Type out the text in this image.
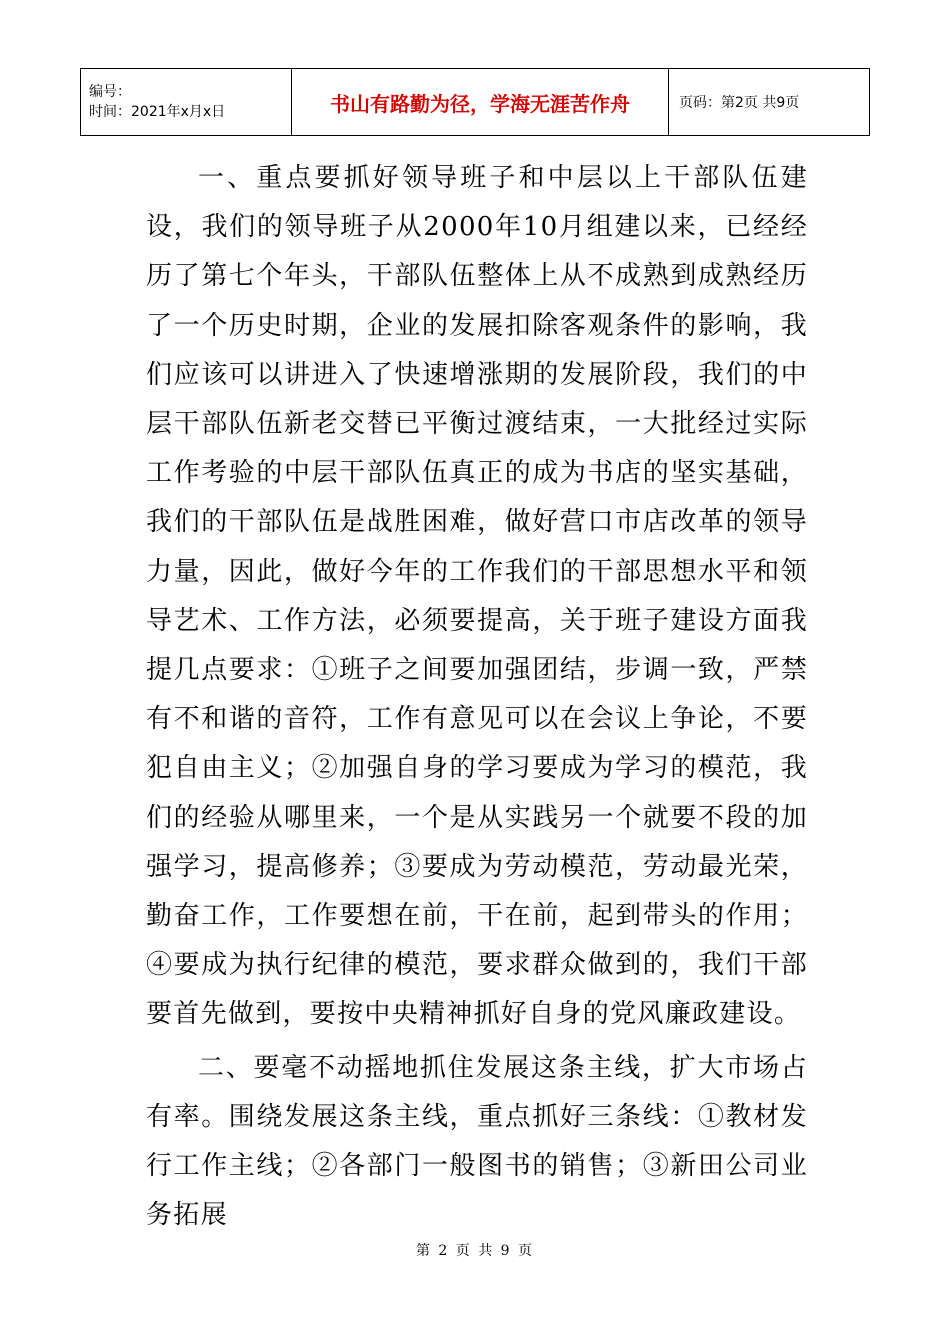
编号：
时间：2021年x月x日	书山有路勤为径，学海无涯苦作舟	页码：第2页 共9页

一、重点要抓好领导班子和中层以上干部队伍建设，我们的领导班子从2000年10月组建以来，已经经历了第七个年头，干部队伍整体上从不成熟到成熟经历了一个历史时期，企业的发展扣除客观条件的影响，我们应该可以讲进入了快速增涨期的发展阶段，我们的中层干部队伍新老交替已平衡过渡结束，一大批经过实际工作考验的中层干部队伍真正的成为书店的坚实基础，我们的干部队伍是战胜困难，做好营口市店改革的领导力量，因此，做好今年的工作我们的干部思想水平和领导艺术、工作方法，必须要提高，关于班子建设方面我提几点要求：①班子之间要加强团结，步调一致，严禁有不和谐的音符，工作有意见可以在会议上争论，不要犯自由主义；②加强自身的学习要成为学习的模范，我们的经验从哪里来，一个是从实践另一个就要不段的加强学习，提高修养；③要成为劳动模范，劳动最光荣，勤奋工作，工作要想在前，干在前，起到带头的作用；④要成为执行纪律的模范，要求群众做到的，我们干部要首先做到，要按中央精神抓好自身的党风廉政建设。

二、要毫不动摇地抓住发展这条主线，扩大市场占有率。围绕发展这条主线，重点抓好三条线：①教材发行工作主线；②各部门一般图书的销售；③新田公司业务拓展

第 2 页 共 9 页
